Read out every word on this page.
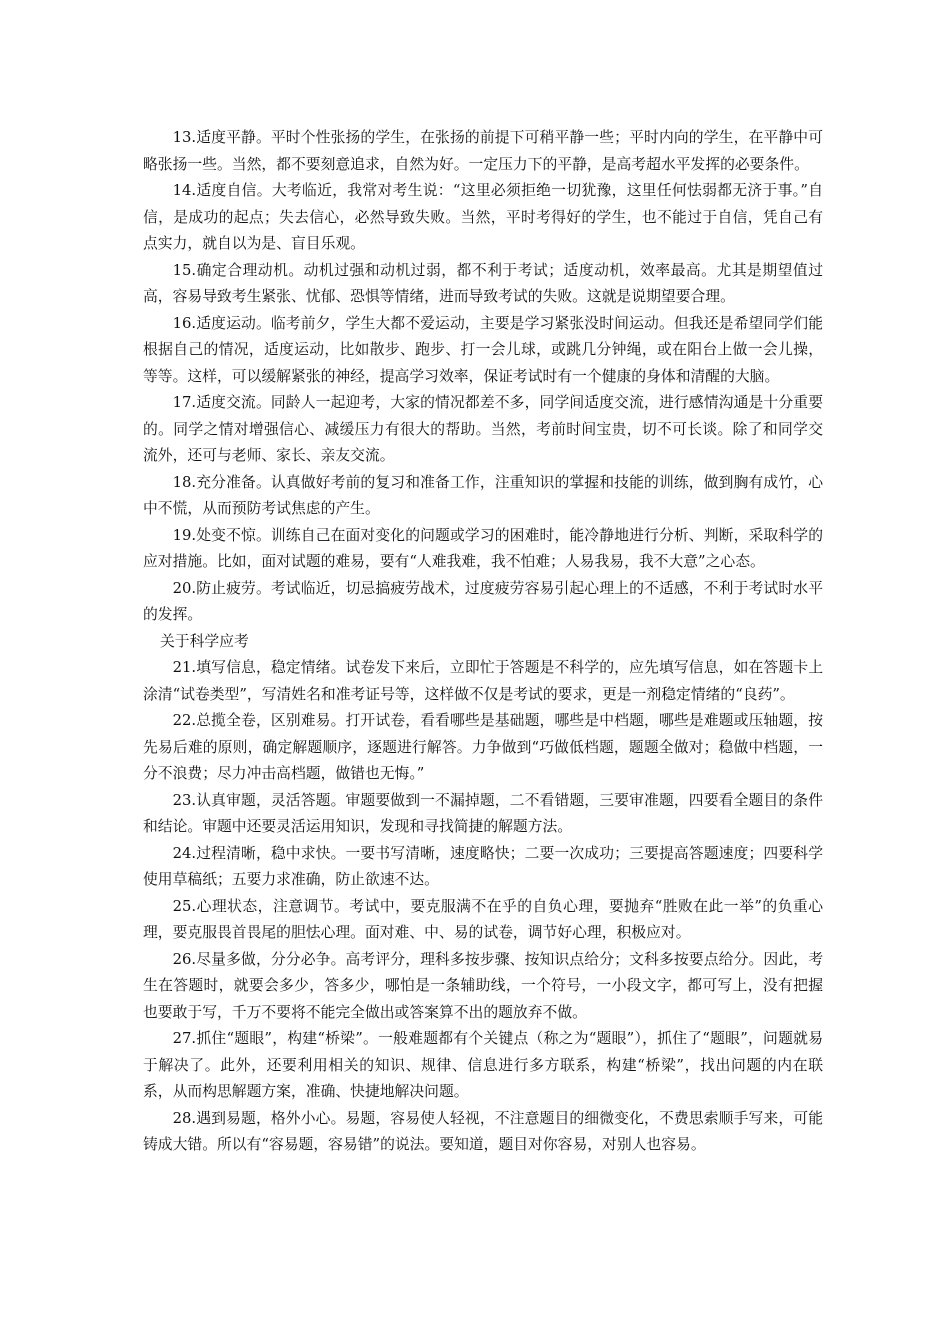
13.适度平静。平时个性张扬的学生，在张扬的前提下可稍平静一些；平时内向的学生，在平静中可略张扬一些。当然，都不要刻意追求，自然为好。一定压力下的平静，是高考超水平发挥的必要条件。

14.适度自信。大考临近，我常对考生说：“这里必须拒绝一切犹豫，这里任何怯弱都无济于事。”自信，是成功的起点；失去信心，必然导致失败。当然，平时考得好的学生，也不能过于自信，凭自己有点实力，就自以为是、盲目乐观。

15.确定合理动机。动机过强和动机过弱，都不利于考试；适度动机，效率最高。尤其是期望值过高，容易导致考生紧张、忧郁、恐惧等情绪，进而导致考试的失败。这就是说期望要合理。

16.适度运动。临考前夕，学生大都不爱运动，主要是学习紧张没时间运动。但我还是希望同学们能根据自己的情况，适度运动，比如散步、跑步、打一会儿球，或跳几分钟绳，或在阳台上做一会儿操，等等。这样，可以缓解紧张的神经，提高学习效率，保证考试时有一个健康的身体和清醒的大脑。

17.适度交流。同龄人一起迎考，大家的情况都差不多，同学间适度交流，进行感情沟通是十分重要的。同学之情对增强信心、减缓压力有很大的帮助。当然，考前时间宝贵，切不可长谈。除了和同学交流外，还可与老师、家长、亲友交流。

18.充分准备。认真做好考前的复习和准备工作，注重知识的掌握和技能的训练，做到胸有成竹，心中不慌，从而预防考试焦虑的产生。

19.处变不惊。训练自己在面对变化的问题或学习的困难时，能冷静地进行分析、判断，采取科学的应对措施。比如，面对试题的难易，要有“人难我难，我不怕难；人易我易，我不大意”之心态。

20.防止疲劳。考试临近，切忌搞疲劳战术，过度疲劳容易引起心理上的不适感，不利于考试时水平的发挥。

关于科学应考

21.填写信息，稳定情绪。试卷发下来后，立即忙于答题是不科学的，应先填写信息，如在答题卡上涂清“试卷类型”，写清姓名和准考证号等，这样做不仅是考试的要求，更是一剂稳定情绪的“良药”。

22.总揽全卷，区别难易。打开试卷，看看哪些是基础题，哪些是中档题，哪些是难题或压轴题，按先易后难的原则，确定解题顺序，逐题进行解答。力争做到“巧做低档题，题题全做对；稳做中档题，一分不浪费；尽力冲击高档题，做错也无悔。”

23.认真审题，灵活答题。审题要做到一不漏掉题，二不看错题，三要审准题，四要看全题目的条件和结论。审题中还要灵活运用知识，发现和寻找简捷的解题方法。

24.过程清晰，稳中求快。一要书写清晰，速度略快；二要一次成功；三要提高答题速度；四要科学使用草稿纸；五要力求准确，防止欲速不达。

25.心理状态，注意调节。考试中，要克服满不在乎的自负心理，要抛弃“胜败在此一举”的负重心理，要克服畏首畏尾的胆怯心理。面对难、中、易的试卷，调节好心理，积极应对。

26.尽量多做，分分必争。高考评分，理科多按步骤、按知识点给分；文科多按要点给分。因此，考生在答题时，就要会多少，答多少，哪怕是一条辅助线，一个符号，一小段文字，都可写上，没有把握也要敢于写，千万不要将不能完全做出或答案算不出的题放弃不做。

27.抓住“题眼”，构建“桥梁”。一般难题都有个关键点（称之为“题眼”），抓住了“题眼”，问题就易于解决了。此外，还要利用相关的知识、规律、信息进行多方联系，构建“桥梁”，找出问题的内在联系，从而构思解题方案，准确、快捷地解决问题。

28.遇到易题，格外小心。易题，容易使人轻视，不注意题目的细微变化，不费思索顺手写来，可能铸成大错。所以有“容易题，容易错”的说法。要知道，题目对你容易，对别人也容易。
